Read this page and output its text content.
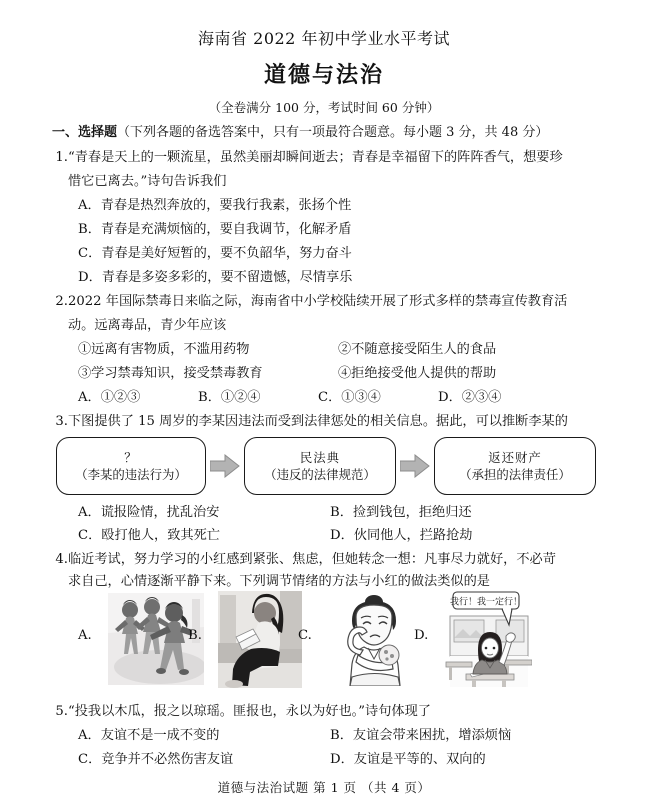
海南省 2022 年初中学业水平考试
道德与法治
（全卷满分 100 分，考试时间 60 分钟）
一、选择题（下列各题的备选答案中，只有一项最符合题意。每小题 3 分，共 48 分）
1. “青春是天上的一颗流星，虽然美丽却瞬间逝去；青春是幸福留下的阵阵香气，想要珍
惜它已离去。”诗句告诉我们
A．青春是热烈奔放的，要我行我素，张扬个性
B．青春是充满烦恼的，要自我调节，化解矛盾
C．青春是美好短暂的，要不负韶华，努力奋斗
D．青春是多姿多彩的，要不留遗憾，尽情享乐
2. 2022 年国际禁毒日来临之际，海南省中小学校陆续开展了形式多样的禁毒宣传教育活
动。远离毒品，青少年应该
①远离有害物质，不滥用药物	②不随意接受陌生人的食品
③学习禁毒知识，接受禁毒教育	④拒绝接受他人提供的帮助
A．①②③	B．①②④	C．①③④	D．②③④
3. 下图提供了 15 周岁的李某因违法而受到法律惩处的相关信息。据此，可以推断李某的
？
（李某的违法行为）
民法典
（违反的法律规范）
返还财产
（承担的法律责任）
A．谎报险情，扰乱治安	B．捡到钱包，拒绝归还
C．殴打他人，致其死亡	D．伙同他人，拦路抢劫
4. 临近考试，努力学习的小红感到紧张、焦虑，但她转念一想：凡事尽力就好，不必苛
求自己，心情逐渐平静下来。下列调节情绪的方法与小红的做法类似的是
A.	B.	C.	D.
我行！我一定行！
5. “投我以木瓜，报之以琼瑶。匪报也，永以为好也。”诗句体现了
A．友谊不是一成不变的	B．友谊会带来困扰，增添烦恼
C．竞争并不必然伤害友谊	D．友谊是平等的、双向的
道德与法治试题 第 1 页 （共 4 页）
